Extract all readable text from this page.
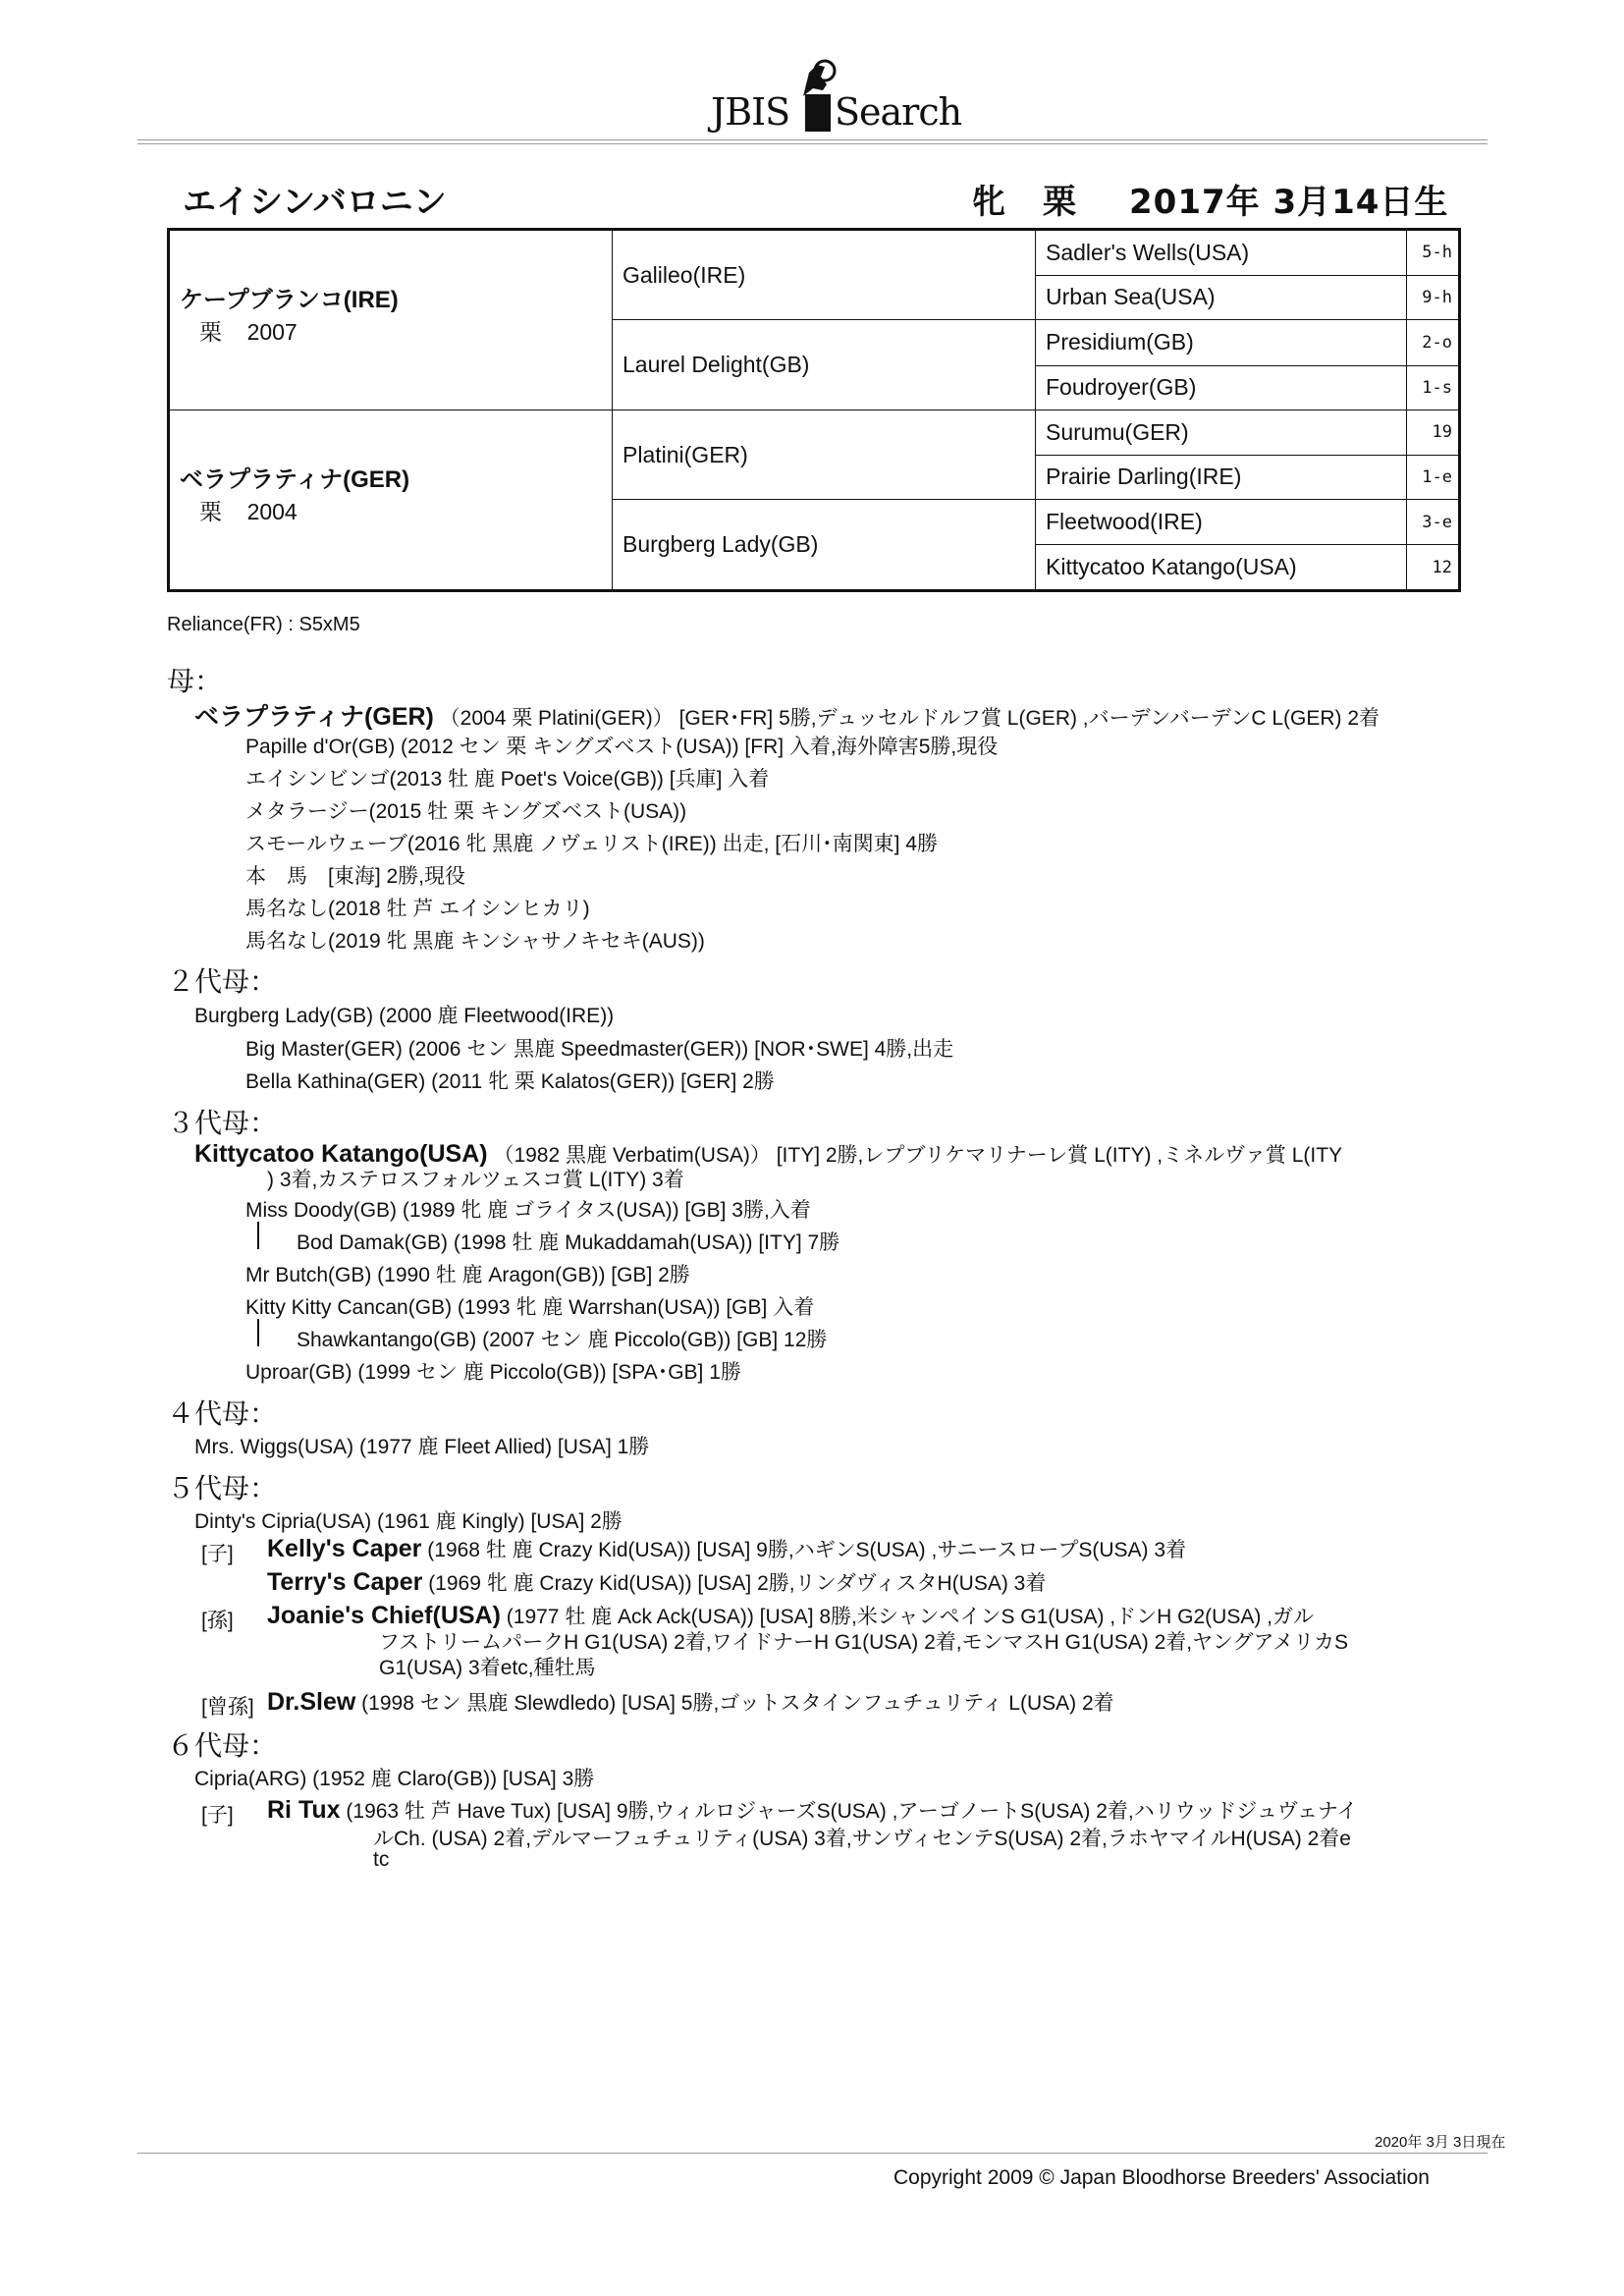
JBIS Search
エイシンバロニン	牝 栗 2017年 3月14日生
ケープブランコ(IRE)
栗 2007	Galileo(IRE)	Sadler's Wells(USA)	5-h
		Urban Sea(USA)	9-h
	Laurel Delight(GB)	Presidium(GB)	2-o
		Foudroyer(GB)	1-s

ベラプラティナ(GER)
栗 2004	Platini(GER)	Surumu(GER)	19
		Prairie Darling(IRE)	1-e
	Burgberg Lady(GB)	Fleetwood(IRE)	3-e
		Kittycatoo Katango(USA)	12
Reliance(FR) : S5xM5
母：
ベラプラティナ(GER) （2004 栗 Platini(GER)） [GER･FR] 5勝,デュッセルドルフ賞 L(GER) ,バーデンバーデンC L(GER) 2着
Papille d'Or(GB) (2012 セン 栗 キングズベスト(USA)) [FR] 入着,海外障害5勝,現役
エイシンビンゴ(2013 牡 鹿 Poet's Voice(GB)) [兵庫] 入着
メタラージー(2015 牡 栗 キングズベスト(USA))
スモールウェーブ(2016 牝 黒鹿 ノヴェリスト(IRE)) 出走, [石川･南関東] 4勝
本　馬　[東海] 2勝,現役
馬名なし(2018 牡 芦 エイシンヒカリ)
馬名なし(2019 牝 黒鹿 キンシャサノキセキ(AUS))
２代母：
Burgberg Lady(GB) (2000 鹿 Fleetwood(IRE))
Big Master(GER) (2006 セン 黒鹿 Speedmaster(GER)) [NOR･SWE] 4勝,出走
Bella Kathina(GER) (2011 牝 栗 Kalatos(GER)) [GER] 2勝
３代母：
Kittycatoo Katango(USA) （1982 黒鹿 Verbatim(USA)） [ITY] 2勝,レプブリケマリナーレ賞 L(ITY) ,ミネルヴァ賞 L(ITY
) 3着,カステロスフォルツェスコ賞 L(ITY) 3着
Miss Doody(GB) (1989 牝 鹿 ゴライタス(USA)) [GB] 3勝,入着
Bod Damak(GB) (1998 牡 鹿 Mukaddamah(USA)) [ITY] 7勝
Mr Butch(GB) (1990 牡 鹿 Aragon(GB)) [GB] 2勝
Kitty Kitty Cancan(GB) (1993 牝 鹿 Warrshan(USA)) [GB] 入着
Shawkantango(GB) (2007 セン 鹿 Piccolo(GB)) [GB] 12勝
Uproar(GB) (1999 セン 鹿 Piccolo(GB)) [SPA･GB] 1勝
４代母：
Mrs. Wiggs(USA) (1977 鹿 Fleet Allied) [USA] 1勝
５代母：
Dinty's Cipria(USA) (1961 鹿 Kingly) [USA] 2勝
[子] Kelly's Caper (1968 牡 鹿 Crazy Kid(USA)) [USA] 9勝,ハギンS(USA) ,サニースロープS(USA) 3着
Terry's Caper (1969 牝 鹿 Crazy Kid(USA)) [USA] 2勝,リンダヴィスタH(USA) 3着
[孫] Joanie's Chief(USA) (1977 牡 鹿 Ack Ack(USA)) [USA] 8勝,米シャンペインS G1(USA) ,ドンH G2(USA) ,ガル
フストリームパークH G1(USA) 2着,ワイドナーH G1(USA) 2着,モンマスH G1(USA) 2着,ヤングアメリカS
G1(USA) 3着etc,種牡馬
[曾孫] Dr.Slew (1998 セン 黒鹿 Slewdledo) [USA] 5勝,ゴットスタインフュチュリティ L(USA) 2着
６代母：
Cipria(ARG) (1952 鹿 Claro(GB)) [USA] 3勝
[子] Ri Tux (1963 牡 芦 Have Tux) [USA] 9勝,ウィルロジャーズS(USA) ,アーゴノートS(USA) 2着,ハリウッドジュヴェナイ
ルCh. (USA) 2着,デルマーフュチュリティ(USA) 3着,サンヴィセンテS(USA) 2着,ラホヤマイルH(USA) 2着e
tc
2020年 3月 3日現在
Copyright 2009 © Japan Bloodhorse Breeders' Association
